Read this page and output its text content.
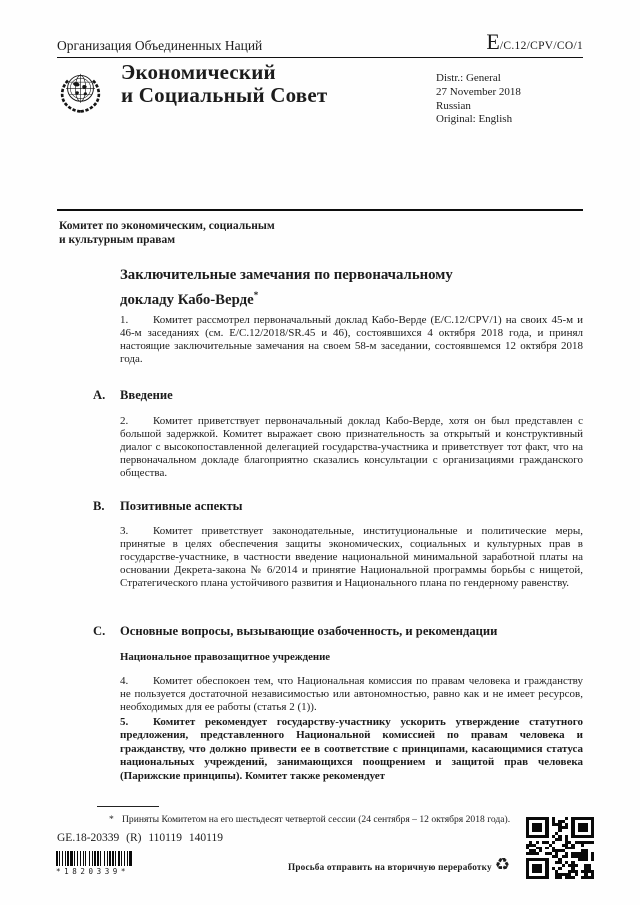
Организация Объединенных Наций	E/C.12/CPV/CO/1
Экономический
и Социальный Совет
Distr.: General
27 November 2018
Russian
Original: English
Комитет по экономическим, социальным
и культурным правам
Заключительные замечания по первоначальному докладу Кабо-Верде*
1. Комитет рассмотрел первоначальный доклад Кабо-Верде (E/C.12/CPV/1) на своих 45-м и 46-м заседаниях (см. E/C.12/2018/SR.45 и 46), состоявшихся 4 октября 2018 года, и принял настоящие заключительные замечания на своем 58-м заседании, состоявшемся 12 октября 2018 года.
A.	Введение
2. Комитет приветствует первоначальный доклад Кабо-Верде, хотя он был представлен с большой задержкой. Комитет выражает свою признательность за открытый и конструктивный диалог с высокопоставленной делегацией государства-участника и приветствует тот факт, что на первоначальном докладе благоприятно сказались консультации с организациями гражданского общества.
B.	Позитивные аспекты
3. Комитет приветствует законодательные, институциональные и политические меры, принятые в целях обеспечения защиты экономических, социальных и культурных прав в государстве-участнике, в частности введение национальной минимальной заработной платы на основании Декрета-закона № 6/2014 и принятие Национальной программы борьбы с нищетой, Стратегического плана устойчивого развития и Национального плана по гендерному равенству.
C.	Основные вопросы, вызывающие озабоченность, и рекомендации
Национальное правозащитное учреждение
4. Комитет обеспокоен тем, что Национальная комиссия по правам человека и гражданству не пользуется достаточной независимостью или автономностью, равно как и не имеет ресурсов, необходимых для ее работы (статья 2 (1)).
5. Комитет рекомендует государству-участнику ускорить утверждение статутного предложения, представленного Национальной комиссией по правам человека и гражданству, что должно привести ее в соответствие с принципами, касающимися статуса национальных учреждений, занимающихся поощрением и защитой прав человека (Парижские принципы). Комитет также рекомендует
* Приняты Комитетом на его шестьдесят четвертой сессии (24 сентября – 12 октября 2018 года).
GE.18-20339 (R) 110119 140119
*1820339*	Просьба отправить на вторичную переработку ♻
